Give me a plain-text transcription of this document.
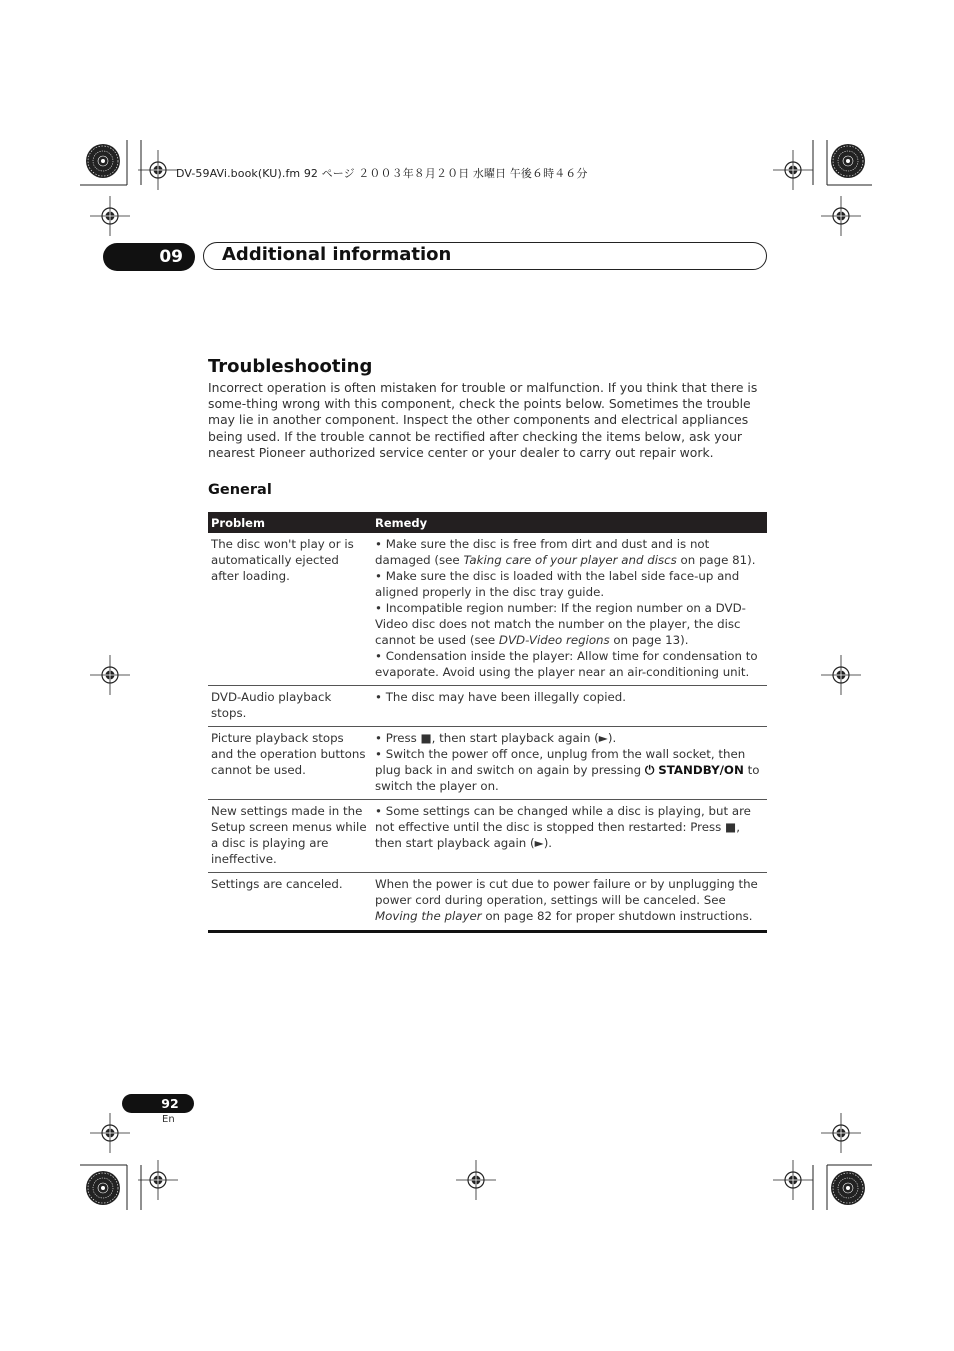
DV-59AVi.book(KU).fm 92 ページ ２００３年８月２０日 水曜日 午後６時４６分
09	Additional information
Troubleshooting
Incorrect operation is often mistaken for trouble or malfunction. If you think that there is some-thing wrong with this component, check the points below. Sometimes the trouble may lie in another component. Inspect the other components and electrical appliances being used. If the trouble cannot be rectified after checking the items below, ask your nearest Pioneer authorized service center or your dealer to carry out repair work.
General
Problem	Remedy
The disc won't play or is automatically ejected after loading.	• Make sure the disc is free from dirt and dust and is not damaged (see Taking care of your player and discs on page 81).
• Make sure the disc is loaded with the label side face-up and aligned properly in the disc tray guide.
• Incompatible region number: If the region number on a DVD-Video disc does not match the number on the player, the disc cannot be used (see DVD-Video regions on page 13).
• Condensation inside the player: Allow time for condensation to evaporate. Avoid using the player near an air-conditioning unit.

DVD-Audio playback stops.	• The disc may have been illegally copied.

Picture playback stops and the operation buttons cannot be used.	• Press ■, then start playback again (►).
• Switch the power off once, unplug from the wall socket, then plug back in and switch on again by pressing ⏻ STANDBY/ON to switch the player on.

New settings made in the Setup screen menus while a disc is playing are ineffective.	• Some settings can be changed while a disc is playing, but are not effective until the disc is stopped then restarted: Press ■, then start playback again (►).

Settings are canceled.	When the power is cut due to power failure or by unplugging the power cord during operation, settings will be canceled. See Moving the player on page 82 for proper shutdown instructions.
92
En
